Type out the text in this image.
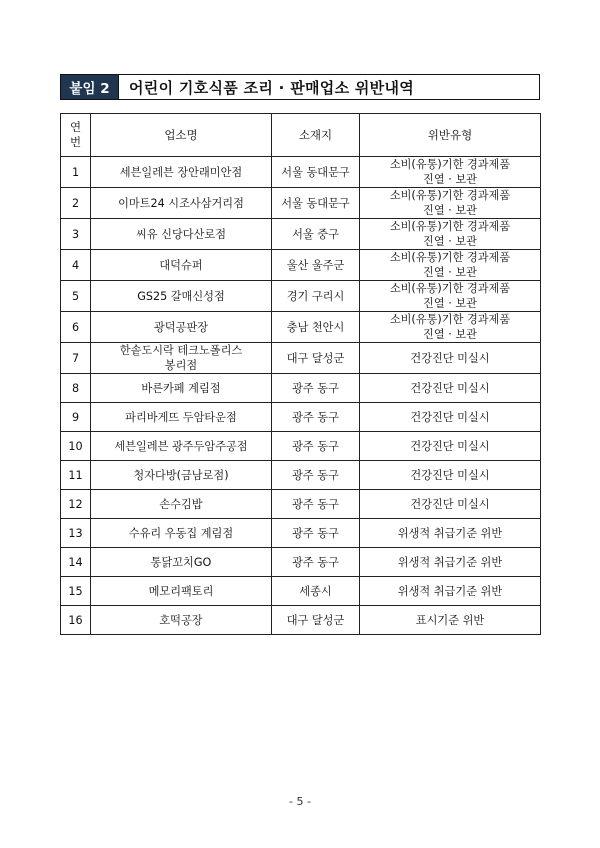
붙임 2	어린이 기호식품 조리 · 판매업소 위반내역
연
번	업소명	소재지	위반유형
1	세븐일레븐 장안래미안점	서울 동대문구	소비(유통)기한 경과제품
진열 · 보관
2	이마트24 시조사삼거리점	서울 동대문구	소비(유통)기한 경과제품
진열 · 보관
3	씨유 신당다산로점	서울 중구	소비(유통)기한 경과제품
진열 · 보관
4	대덕슈퍼	울산 울주군	소비(유통)기한 경과제품
진열 · 보관
5	GS25 갈매신성점	경기 구리시	소비(유통)기한 경과제품
진열 · 보관
6	광덕공판장	충남 천안시	소비(유통)기한 경과제품
진열 · 보관
7	한솥도시락 테크노폴리스
봉리점	대구 달성군	건강진단 미실시
8	바른카페 계림점	광주 동구	건강진단 미실시
9	파리바게뜨 두암타운점	광주 동구	건강진단 미실시
10	세븐일레븐 광주두암주공점	광주 동구	건강진단 미실시
11	청자다방(금남로점)	광주 동구	건강진단 미실시
12	손수김밥	광주 동구	건강진단 미실시
13	수유리 우동집 계림점	광주 동구	위생적 취급기준 위반
14	통닭꼬치GO	광주 동구	위생적 취급기준 위반
15	메모리팩토리	세종시	위생적 취급기준 위반
16	호떡공장	대구 달성군	표시기준 위반
- 5 -
